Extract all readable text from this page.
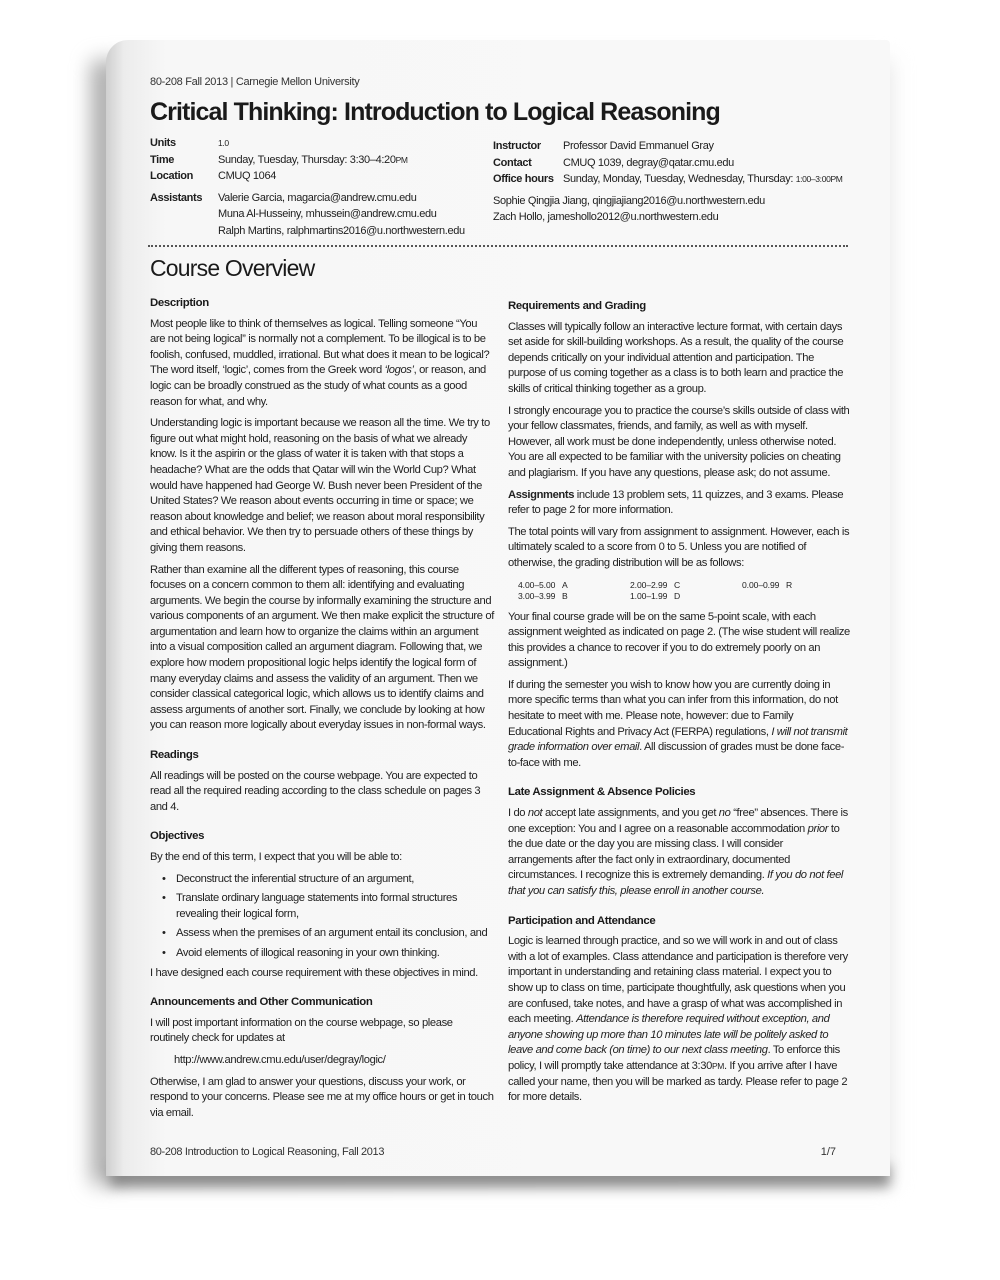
80-208 Fall 2013 | Carnegie Mellon University
Critical Thinking: Introduction to Logical Reasoning
Units	1.0
Time	Sunday, Tuesday, Thursday: 3:30–4:20PM
Location CMUQ 1064
Assistants	Valerie Garcia, magarcia@andrew.cmu.edu
Muna Al-Husseiny, mhussein@andrew.cmu.edu
Ralph Martins, ralphmartins2016@u.northwestern.edu
Instructor Professor David Emmanuel Gray
Contact	CMUQ 1039, degray@qatar.cmu.edu
Office hours Sunday, Monday, Tuesday, Wednesday, Thursday: 1:00–3:00PM
Sophie Qingjia Jiang, qingjiajiang2016@u.northwestern.edu
Zach Hollo, jameshollo2012@u.northwestern.edu
Course Overview
Description

Most people like to think of themselves as logical. Telling someone “You are not being logical” is normally not a complement. To be illogical is to be foolish, confused, muddled, irrational. But what does it mean to be logical? The word itself, ‘logic’, comes from the Greek word ‘logos’, or reason, and logic can be broadly construed as the study of what counts as a good reason for what, and why.

Understanding logic is important because we reason all the time. We try to figure out what might hold, reasoning on the basis of what we already know. Is it the aspirin or the glass of water it is taken with that stops a headache? What are the odds that Qatar will win the World Cup? What would have happened had George W. Bush never been President of the United States? We reason about events occurring in time or space; we reason about knowledge and belief; we reason about moral responsibility and ethical behavior. We then try to persuade others of these things by giving them reasons.

Rather than examine all the different types of reasoning, this course focuses on a concern common to them all: identifying and evaluating arguments. We begin the course by informally examining the structure and various components of an argument. We then make explicit the structure of argumentation and learn how to organize the claims within an argument into a visual composition called an argument diagram. Following that, we explore how modern propositional logic helps identify the logical form of many everyday claims and assess the validity of an argument. Then we consider classical categorical logic, which allows us to identify claims and assess arguments of another sort. Finally, we conclude by looking at how you can reason more logically about everyday issues in non-formal ways.

Readings

All readings will be posted on the course webpage. You are expected to read all the required reading according to the class schedule on pages 3 and 4.

Objectives

By the end of this term, I expect that you will be able to:

• Deconstruct the inferential structure of an argument,
• Translate ordinary language statements into formal structures revealing their logical form,
• Assess when the premises of an argument entail its conclusion, and
• Avoid elements of illogical reasoning in your own thinking.

I have designed each course requirement with these objectives in mind.

Announcements and Other Communication

I will post important information on the course webpage, so please routinely check for updates at

http://www.andrew.cmu.edu/user/degray/logic/

Otherwise, I am glad to answer your questions, discuss your work, or respond to your concerns. Please see me at my office hours or get in touch via email.

Requirements and Grading

Classes will typically follow an interactive lecture format, with certain days set aside for skill-building workshops. As a result, the quality of the course depends critically on your individual attention and participation. The purpose of us coming together as a class is to both learn and practice the skills of critical thinking together as a group.

I strongly encourage you to practice the course’s skills outside of class with your fellow classmates, friends, and family, as well as with myself. However, all work must be done independently, unless otherwise noted. You are all expected to be familiar with the university policies on cheating and plagiarism. If you have any questions, please ask; do not assume.

Assignments include 13 problem sets, 11 quizzes, and 3 exams. Please refer to page 2 for more information.

The total points will vary from assignment to assignment. However, each is ultimately scaled to a score from 0 to 5. Unless you are notified of otherwise, the grading distribution will be as follows:

4.00–5.00 A	2.00–2.99 C	0.00–0.99 R
3.00–3.99 B	1.00–1.99 D

Your final course grade will be on the same 5-point scale, with each assignment weighted as indicated on page 2. (The wise student will realize this provides a chance to recover if you to do extremely poorly on an assignment.)

If during the semester you wish to know how you are currently doing in more specific terms than what you can infer from this information, do not hesitate to meet with me. Please note, however: due to Family Educational Rights and Privacy Act (FERPA) regulations, I will not transmit grade information over email. All discussion of grades must be done face-to-face with me.

Late Assignment & Absence Policies

I do not accept late assignments, and you get no “free” absences. There is one exception: You and I agree on a reasonable accommodation prior to the due date or the day you are missing class. I will consider arrangements after the fact only in extraordinary, documented circumstances. I recognize this is extremely demanding. If you do not feel that you can satisfy this, please enroll in another course.

Participation and Attendance

Logic is learned through practice, and so we will work in and out of class with a lot of examples. Class attendance and participation is therefore very important in understanding and retaining class material. I expect you to show up to class on time, participate thoughtfully, ask questions when you are confused, take notes, and have a grasp of what was accomplished in each meeting. Attendance is therefore required without exception, and anyone showing up more than 10 minutes late will be politely asked to leave and come back (on time) to our next class meeting. To enforce this policy, I will promptly take attendance at 3:30PM. If you arrive after I have called your name, then you will be marked as tardy. Please refer to page 2 for more details.

80-208 Introduction to Logical Reasoning, Fall 2013	1/7
